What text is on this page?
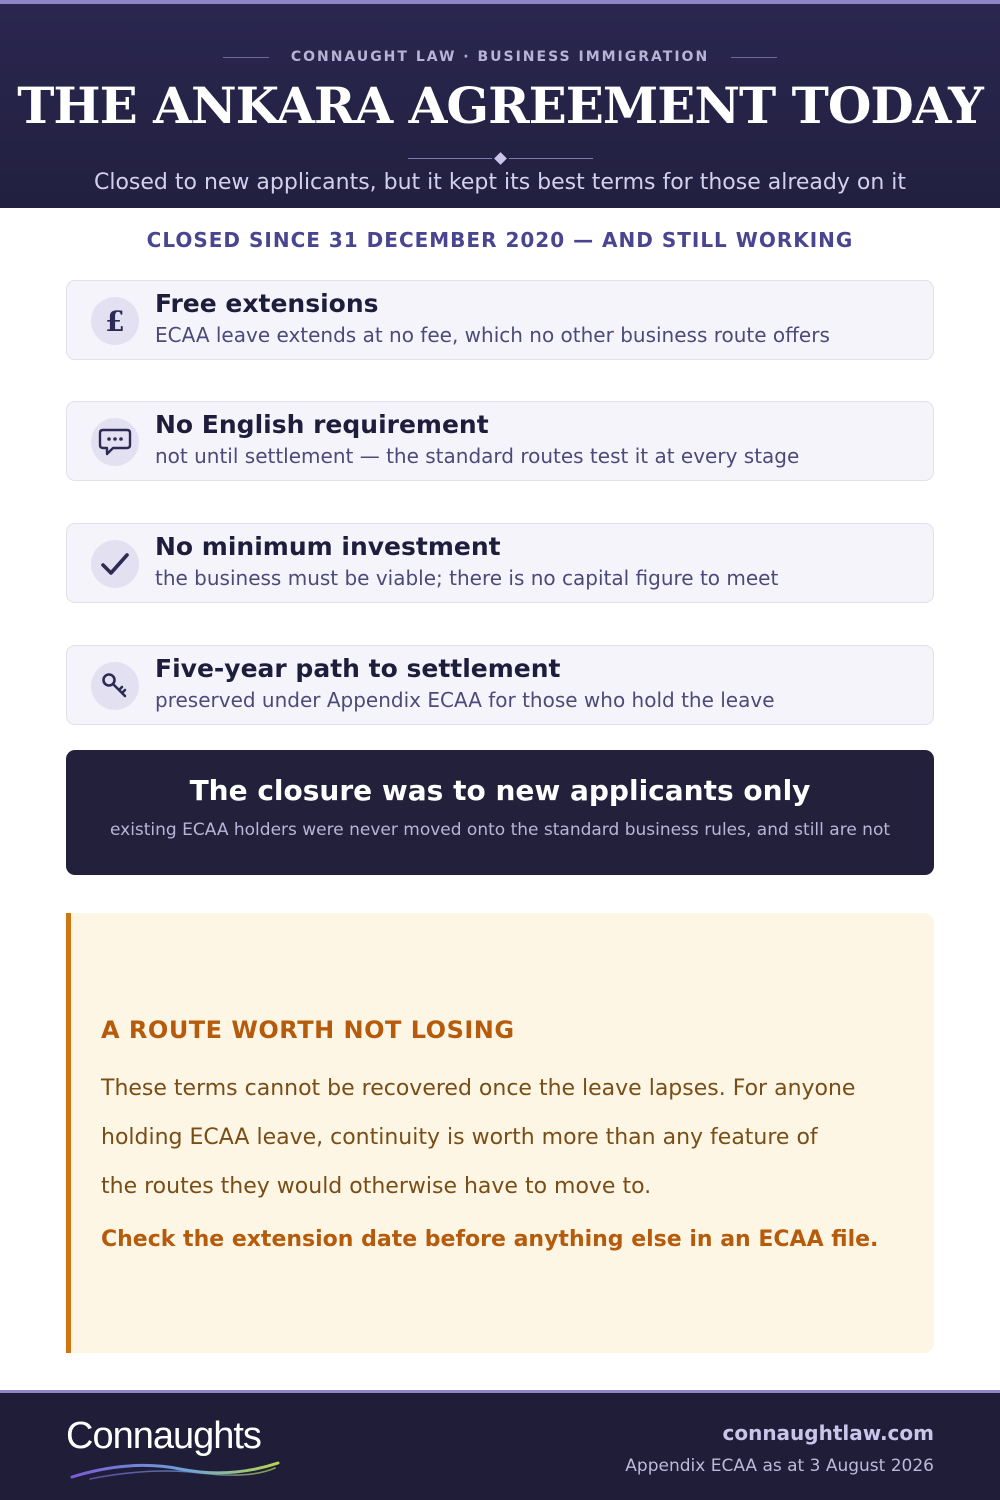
CONNAUGHT LAW · BUSINESS IMMIGRATION
THE ANKARA AGREEMENT TODAY
Closed to new applicants, but it kept its best terms for those already on it
CLOSED SINCE 31 DECEMBER 2020 — AND STILL WORKING
£
Free extensions
ECAA leave extends at no fee, which no other business route offers
No English requirement
not until settlement — the standard routes test it at every stage
No minimum investment
the business must be viable; there is no capital figure to meet
Five-year path to settlement
preserved under Appendix ECAA for those who hold the leave
The closure was to new applicants only
existing ECAA holders were never moved onto the standard business rules, and still are not
A ROUTE WORTH NOT LOSING
These terms cannot be recovered once the leave lapses. For anyone
holding ECAA leave, continuity is worth more than any feature of
the routes they would otherwise have to move to.
Check the extension date before anything else in an ECAA file.
Connaughts	connaughtlaw.com
Appendix ECAA as at 3 August 2026
